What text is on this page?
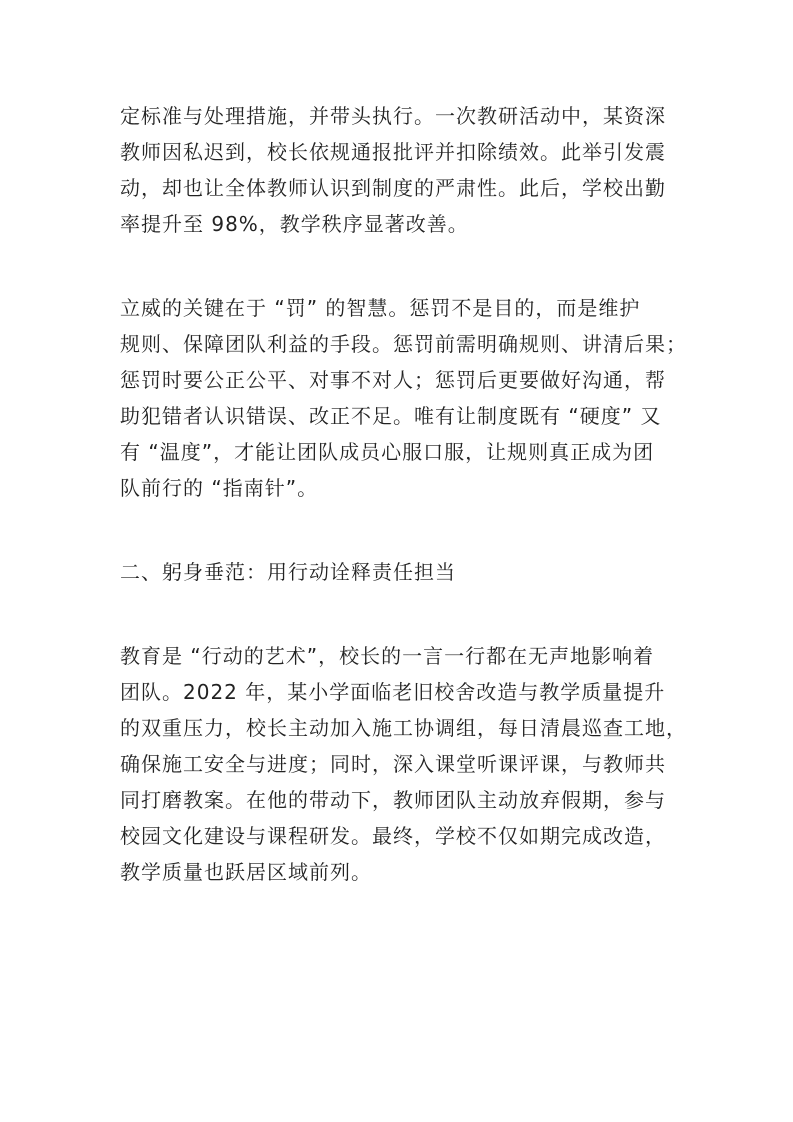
定标准与处理措施，并带头执行。一次教研活动中，某资深
教师因私迟到，校长依规通报批评并扣除绩效。此举引发震
动，却也让全体教师认识到制度的严肃性。此后，学校出勤
率提升至 98%，教学秩序显著改善。
立威的关键在于 “罚” 的智慧。惩罚不是目的，而是维护
规则、保障团队利益的手段。惩罚前需明确规则、讲清后果；
惩罚时要公正公平、对事不对人；惩罚后更要做好沟通，帮
助犯错者认识错误、改正不足。唯有让制度既有 “硬度” 又
有 “温度”，才能让团队成员心服口服，让规则真正成为团
队前行的 “指南针”。
二、躬身垂范：用行动诠释责任担当
教育是 “行动的艺术”，校长的一言一行都在无声地影响着
团队。2022 年，某小学面临老旧校舍改造与教学质量提升
的双重压力，校长主动加入施工协调组，每日清晨巡查工地，
确保施工安全与进度；同时，深入课堂听课评课，与教师共
同打磨教案。在他的带动下，教师团队主动放弃假期，参与
校园文化建设与课程研发。最终，学校不仅如期完成改造，
教学质量也跃居区域前列。
